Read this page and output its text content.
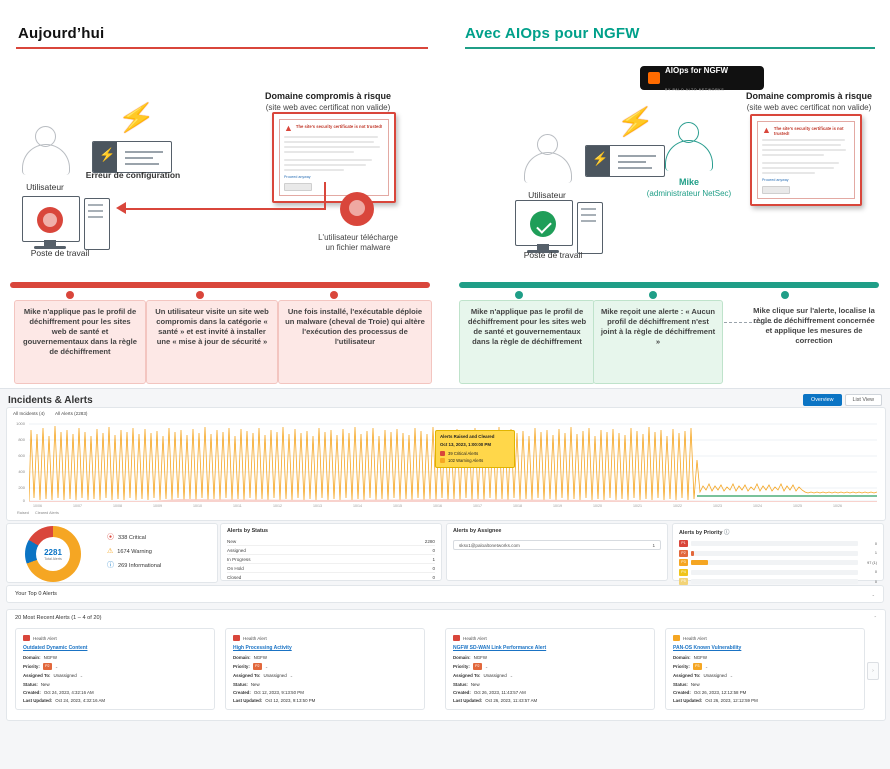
Aujourd’hui
Utilisateur
⚡
Erreur de configuration
⚡
Domaine compromis à risque
(site web avec certificat non valide)
▲ The site's security certificate is not trusted!
Proceed anyway
Poste de travail
L'utilisateur télécharge
un fichier malware
Mike n'applique pas le profil de déchiffrement pour les sites web de santé et gouvernementaux dans la règle de déchiffrement
Un utilisateur visite un site web compromis dans la catégorie « santé » et est invité à installer une « mise à jour de sécurité »
Une fois installé, l'exécutable déploie un malware (cheval de Troie) qui altère l'exécution des processus de l'utilisateur
Avec AIOps pour NGFW
Utilisateur
⚡
⚡
AIOps for NGFW
BY PALO ALTO NETWORKS
Mike
(administrateur NetSec)
Domaine compromis à risque
(site web avec certificat non valide)
▲ The site's security certificate is not trusted!
Proceed anyway
Poste de travail
Mike n'applique pas le profil de déchiffrement pour les sites web de santé et gouvernementaux dans la règle de déchiffrement
Mike reçoit une alerte : « Aucun profil de déchiffrement n'est joint à la règle de déchiffrement »
Mike clique sur l'alerte, localise la règle de déchiffrement concernée et applique les mesures de correction
Incidents & Alerts	Overview	List View
All Incidents (4) All Alerts (2283)
1000
800
600
400
200
0
10/06	10/07	10/08	10/09	10/10	10/11	10/12	10/13	10/14	10/15	10/16	10/17	10/18	10/19	10/20	10/21	10/22	10/23	10/24	10/25	10/26
Raised Cleared Alerts
Alerts Raised and Cleared
Oct 13, 2023, 1:00:00 PM
39 Critical Alerts
102 Warning Alerts
2281
Total Alerts
⦿ 338 Critical
⚠ 1674 Warning
ⓘ 269 Informational
Alerts by Status
New	2280
Assigned	0
In Progress	1
On Hold	0
Closed	0
Alerts by Assignee
sksx1@paloaltonetworks.com	1
Alerts by Priority ⓘ
P1	0
P2	1
P3	97 (1)
P4	0
P5	0
Your Top 0 Alerts	⌄
20 Most Recent Alerts (1 – 4 of 20)	⌃
Health Alert
Outdated Dynamic Content
Domain: NGFW
Priority:	P2	⌄
Assigned To: Unassigned ⌄
Status: New
Created: Oct 24, 2023, 4:32:16 AM
Last Updated: Oct 24, 2023, 4:32:16 AM
Health Alert
High Processing Activity
Domain: NGFW
Priority:	P2	⌄
Assigned To: Unassigned ⌄
Status: New
Created: Oct 12, 2023, 9:13:50 PM
Last Updated: Oct 12, 2023, 9:13:50 PM
Health Alert
NGFW SD-WAN Link Performance Alert
Domain: NGFW
Priority:	P2	⌄
Assigned To: Unassigned ⌄
Status: New
Created: Oct 26, 2023, 11:43:57 AM
Last Updated: Oct 26, 2023, 11:43:57 AM
Health Alert
PAN-OS Known Vulnerability
Domain: NGFW
Priority:	P3	⌄
Assigned To: Unassigned ⌄
Status: New
Created: Oct 26, 2023, 12:12:58 PM
Last Updated: Oct 26, 2023, 12:12:59 PM
›
